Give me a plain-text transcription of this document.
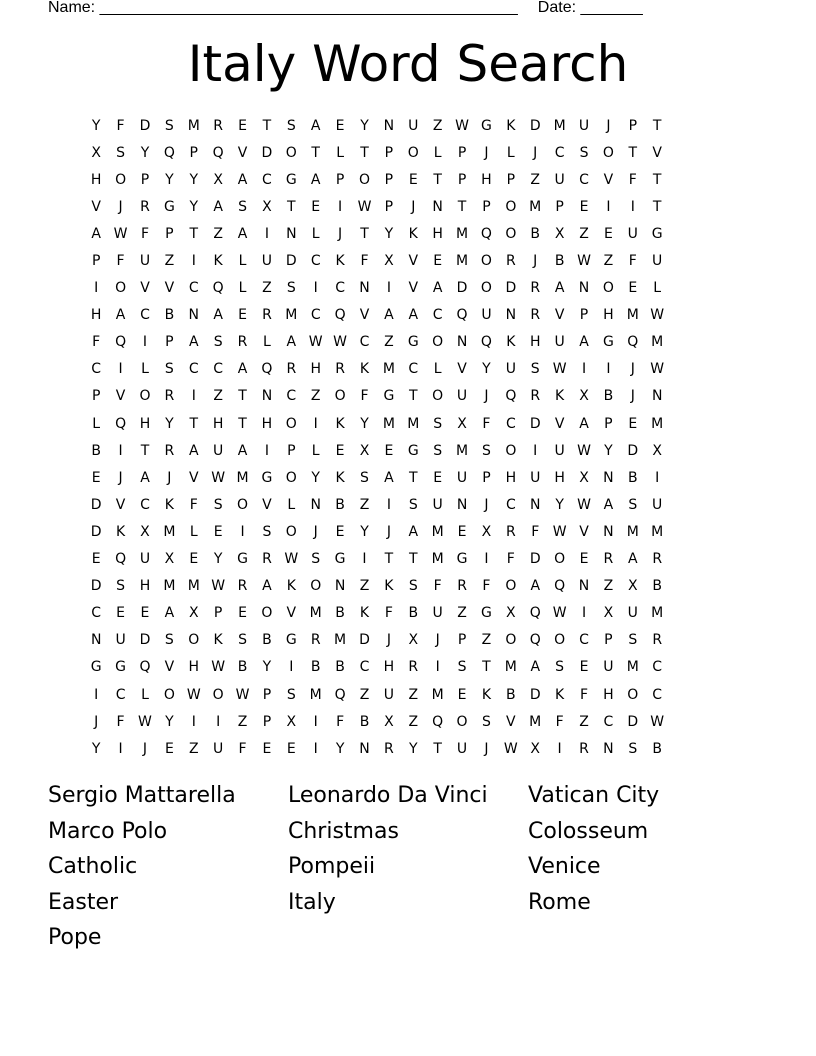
Name: _______________________________________________ Date: _______
Italy Word Search
Y	F	D	S M R	E	T	S	A	E	Y	N	U	Z W G	K	D M U	J	P	T
X	S	Y	Q	P	Q	V	D O	T	L	T	P	O	L	P	J	L	J	C	S	O	T	V
H O	P	Y	Y	X	A	C	G	A	P	O	P	E	T	P	H	P	Z	U	C	V	F	T
V	J	R	G	Y	A	S	X	T	E	I	W P	J	N	T	P	O M	P	E	I	I	T
A W F	P	T	Z	A	I	N	L	J	T	Y	K	H M Q O	B	X	Z	E	U G
P	F	U	Z	I	K	L	U D	C	K	F	X	V	E M O	R	J	B W Z	F	U
I	O	V	V	C Q	L	Z	S	I	C	N	I	V	A	D O D	R	A	N O	E	L
H	A	C	B	N	A	E	R M C Q	V	A	A	C Q U	N	R	V	P	H M W
F	Q	I	P	A	S	R	L	A W W C	Z	G O N Q	K	H	U	A	G Q M
C	I	L	S	C	C	A	Q	R	H	R	K M C	L	V	Y	U	S W	I	I	J	W
P	V	O	R	I	Z	T	N	C	Z	O	F	G	T	O U	J	Q	R	K	X	B	J	N
L	Q H	Y	T	H	T	H O	I	K	Y	M M S	X	F	C	D	V	A	P	E M
B	I	T	R	A	U	A	I	P	L	E	X	E	G	S M S	O	I	U W Y	D	X
E	J	A	J	V W M G O	Y	K	S	A	T	E	U	P	H	U	H	X	N	B	I
D	V	C	K	F	S	O	V	L	N	B	Z	I	S	U	N	J	C	N	Y W A	S	U
D	K	X M	L	E	I	S	O	J	E	Y	J	A M E	X	R	F W V	N M M
E	Q U	X	E	Y	G	R W S	G	I	T	T	M G	I	F	D O	E	R	A	R
D	S	H M M W R	A	K	O N	Z	K	S	F	R	F	O	A	Q N	Z	X	B
C	E	E	A	X	P	E	O	V M B	K	F	B	U	Z	G	X	Q W	I	X	U M
N	U D	S	O	K	S	B	G	R M D	J	X	J	P	Z	O Q O C	P	S	R
G G Q	V	H W B	Y	I	B	B	C	H	R	I	S	T	M A	S	E	U M C
I	C	L	O W O W P	S M Q	Z	U	Z M E	K	B	D	K	F	H O C
J	F W Y	I	I	Z	P	X	I	F	B	X	Z	Q O	S	V M	F	Z	C	D W
Y	I	J	E	Z	U	F	E	E	I	Y	N	R	Y	T	U	J	W X	I	R	N	S	B
Sergio Mattarella	Leonardo Da Vinci	Vatican City
Marco Polo	Christmas	Colosseum
Catholic	Pompeii	Venice
Easter	Italy	Rome
Pope
